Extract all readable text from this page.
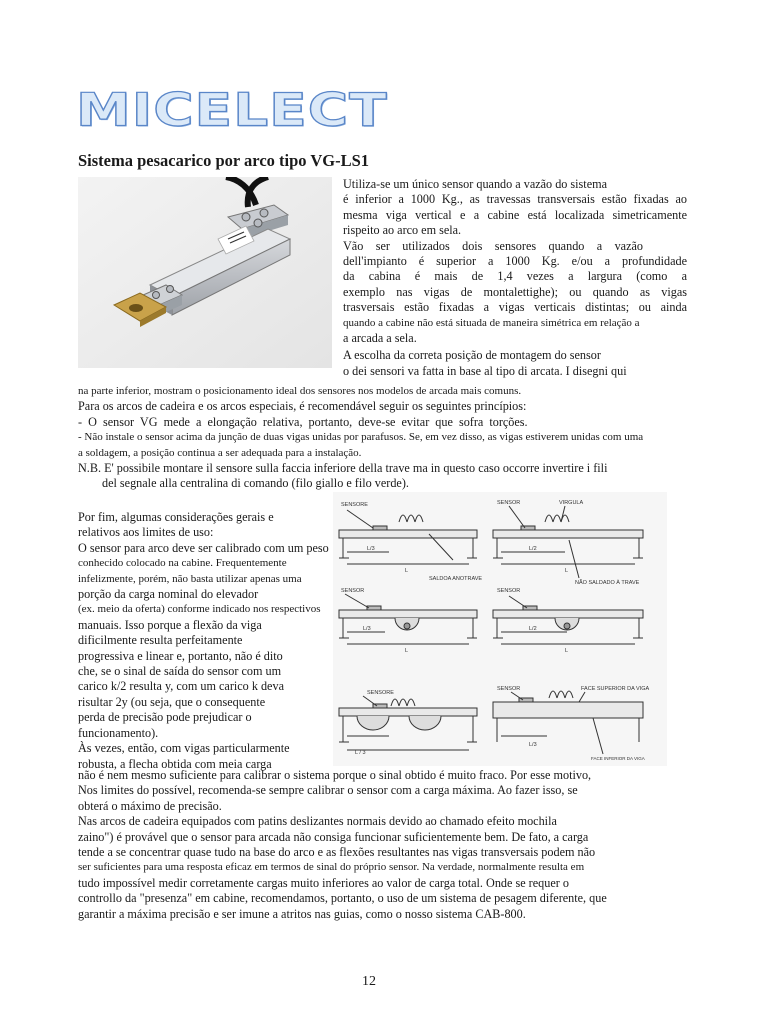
MICELECT
Sistema pesacarico por arco tipo VG-LS1
Utiliza-se um único sensor quando a vazão do sistema
é inferior a 1000 Kg., as travessas transversais estão fixadas ao
mesma viga vertical e a cabine está localizada simetricamente
rispeito ao arco em sela.
Vão ser utilizados dois sensores quando a vazão
dell'impianto é superior a 1000 Kg. e/ou a profundidade
da cabina é mais de 1,4 vezes a largura (como a
exemplo nas vigas de montalettighe); ou quando as vigas
trasversais estão fixadas a vigas verticais distintas; ou ainda
quando a cabine não está situada de maneira simétrica em relação a
a arcada a sela.
A escolha da correta posição de montagem do sensor
o dei sensori va fatta in base al tipo di arcata. I disegni qui
na parte inferior, mostram o posicionamento ideal dos sensores nos modelos de arcada mais comuns.
Para os arcos de cadeira e os arcos especiais, é recomendável seguir os seguintes princípios:
- O sensor VG mede a elongação relativa, portanto, deve-se evitar que sofra torções.
- Não instale o sensor acima da junção de duas vigas unidas por parafusos. Se, em vez disso, as vigas estiverem unidas com uma
a soldagem, a posição continua a ser adequada para a instalação.
N.B. E' possibile montare il sensore sulla faccia inferiore della trave ma in questo caso occorre invertire i fili
del segnale alla centralina di comando (filo giallo e filo verde).
Por fim, algumas considerações gerais e
relativos aos limites de uso:
O sensor para arco deve ser calibrado com um peso
conhecido colocado na cabine. Frequentemente
infelizmente, porém, não basta utilizar apenas uma
porção da carga nominal do elevador
(ex. meio da oferta) conforme indicado nos respectivos
manuais. Isso porque a flexão da viga
dificilmente resulta perfeitamente
progressiva e linear e, portanto, não é dito
che, se o sinal de saída do sensor com um
carico k/2 resulta y, com um carico k deva
risultar 2y (ou seja, que o consequente
perda de precisão pode prejudicar o
funcionamento).
Às vezes, então, com vigas particularmente
robusta, a flecha obtida com meia carga
SENSORE
L/3
L
SALDOA ANOTRAVE
SENSOR	VIRGULA
L/2
L
NÃO SALDADO À TRAVE
SENSOR
L/3
L
SENSOR
L/2
L
SENSORE
L / 3
SENSOR	FACE SUPERIOR DA VIGA
L/3
FACE INFERIOR DA VIGA
não é nem mesmo suficiente para calibrar o sistema porque o sinal obtido é muito fraco. Por esse motivo,
Nos limites do possível, recomenda-se sempre calibrar o sensor com a carga máxima. Ao fazer isso, se
obterá o máximo de precisão.
Nas arcos de cadeira equipados com patins deslizantes normais devido ao chamado efeito mochila
zaino") é provável que o sensor para arcada não consiga funcionar suficientemente bem. De fato, a carga
tende a se concentrar quase tudo na base do arco e as flexões resultantes nas vigas transversais podem não
ser suficientes para uma resposta eficaz em termos de sinal do próprio sensor. Na verdade, normalmente resulta em
tudo impossível medir corretamente cargas muito inferiores ao valor de carga total. Onde se requer o
controllo da "presenza" em cabine, recomendamos, portanto, o uso de um sistema de pesagem diferente, que
garantir a máxima precisão e ser imune a atritos nas guias, como o nosso sistema CAB-800.
12
